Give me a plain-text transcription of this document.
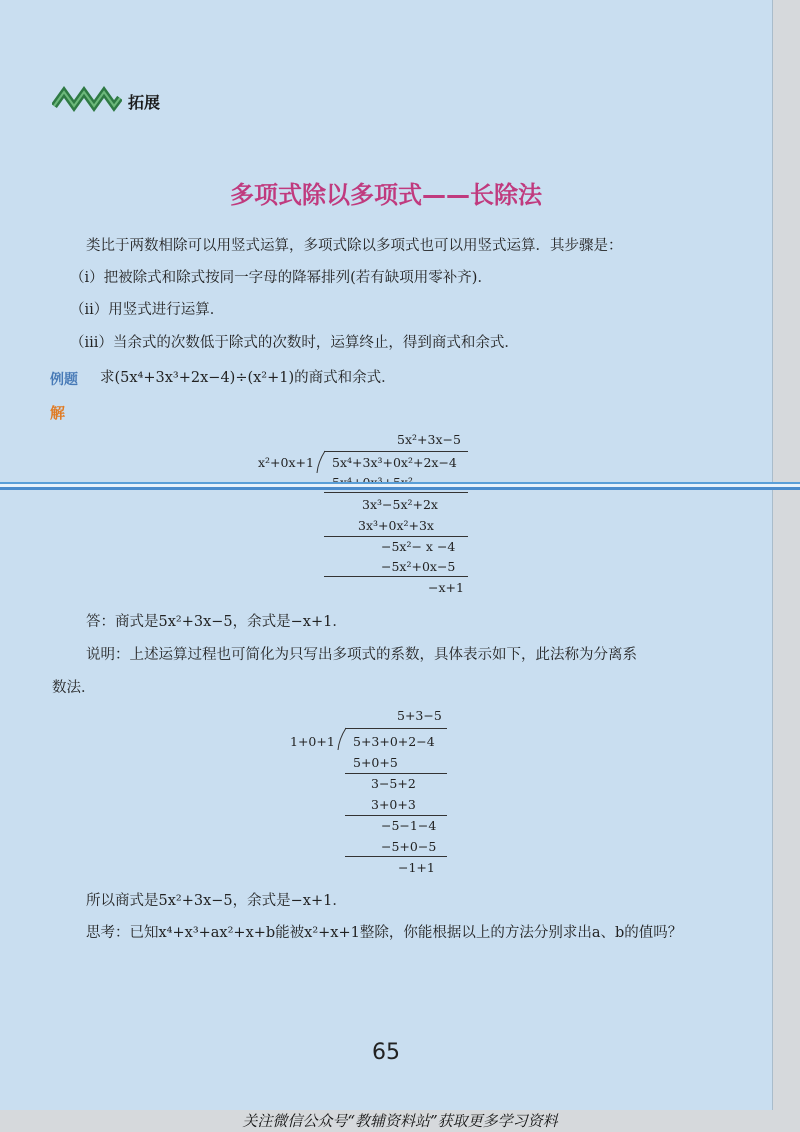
拓展
多项式除以多项式——长除法
类比于两数相除可以用竖式运算，多项式除以多项式也可以用竖式运算．其步骤是：
（ⅰ）把被除式和除式按同一字母的降幂排列(若有缺项用零补齐)．
（ⅱ）用竖式进行运算．
（ⅲ）当余式的次数低于除式的次数时，运算终止，得到商式和余式．
例题 求(5x⁴+3x³+2x−4)÷(x²+1)的商式和余式．
解
5x²+3x−5
x²+0x+1 5x⁴+3x³+0x²+2x−4
3x³−5x²+2x
3x³+0x²+3x
−5x²− x −4
−5x²+0x−5
−x+1
答：商式是5x²+3x−5，余式是−x+1．
说明：上述运算过程也可简化为只写出多项式的系数，具体表示如下，此法称为分离系
数法．
5+3−5
1+0+1 5+3+0+2−4
5+0+5
3−5+2
3+0+3
−5−1−4
−5+0−5
−1+1
所以商式是5x²+3x−5，余式是−x+1．
思考：已知x⁴+x³+ax²+x+b能被x²+x+1整除，你能根据以上的方法分别求出a、b的值吗？
65
关注微信公众号“教辅资料站”获取更多学习资料
